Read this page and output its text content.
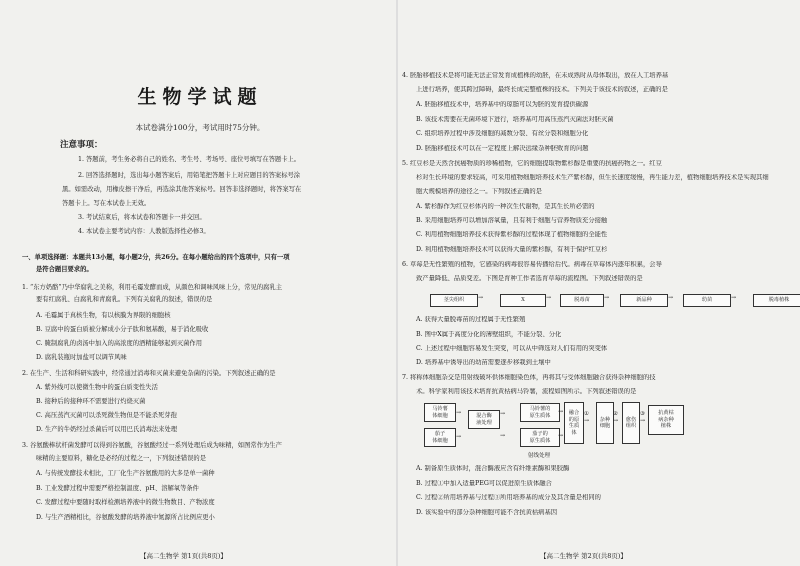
生物学试题
本试卷满分100分，考试用时75分钟。
注意事项：
1. 答题前，考生务必将自己的姓名、考生号、考场号、座位号填写在答题卡上。
2. 回答选择题时，选出每小题答案后，用铅笔把答题卡上对应题目的答案标号涂
黑。如需改动，用橡皮擦干净后，再选涂其他答案标号。回答非选择题时，将答案写在
答题卡上。写在本试卷上无效。
3. 考试结束后，将本试卷和答题卡一并交回。
4. 本试卷主要考试内容：人教版选择性必修3。
一、单项选择题：本题共13小题，每小题2分，共26分。在每小题给出的四个选项中，只有一项
是符合题目要求的。
1. “东方奶酪”乃中华腐乳之美称，利用毛霉发酵而成，从颜色和调味风味上分，常见的腐乳主
要有红腐乳、白腐乳和青腐乳。下列有关腐乳的叙述，错误的是
A. 毛霉属于真核生物，有以核膜为界限的细胞核
B. 豆腐中的蛋白质被分解成小分子肽和氨基酸，易于消化吸收
C. 腌制腐乳的卤汤中加入的高浓度的酒精能够起到灭菌作用
D. 腐乳装瓶时加盐可以调节风味
2. 在生产、生活和科研实践中，经常通过消毒和灭菌来避免杂菌的污染。下列叙述正确的是
A. 紫外线可以使微生物中的蛋白质变性失活
B. 接种后的接种环不需要进行灼烧灭菌
C. 高压蒸汽灭菌可以杀死微生物但是不能杀死芽孢
D. 生产的牛奶经过杀菌后可以用巴氏消毒法来处理
3. 谷氨酸棒状杆菌发酵可以得到谷氨酸，谷氨酸经过一系列处理后成为味精，如图常作为生产
味精的主要原料，糖化是必经的过程之一，下列叙述错误的是
A. 与传统发酵技术相比，工厂化生产谷氨酸用的大多是单一菌种
B. 工业发酵过程中需要严格控制温度、pH、溶解氧等条件
C. 发酵过程中要随时取样检测培养液中的微生物数目、产物浓度
D. 与生产酒精相比，谷氨酸发酵的培养液中氮源所占比例应更小
【高二生物学 第1页(共8页)】
4. 胚胎移植技术是将可能无法正常发育成植株的幼胚，在未成熟时从母体取出，放在人工培养基
上进行培养，使其跨过障碍，最终长成完整植株的技术。下列关于该技术的叙述，正确的是
A. 胚胎移植技术中，培养基中的琼脂可以为胚的发育提供碳源
B. 该技术需要在无菌环境下进行，培养基可用高压蒸汽灭菌法对胚灭菌
C. 组织培养过程中涉及细胞的减数分裂、有丝分裂和细胞分化
D. 胚胎移植技术可以在一定程度上解决远缘杂种胚败育的问题
5. 红豆杉是天然含抗癌物质的珍稀植物，它的细胞提取物紫杉醇是重要的抗癌药物之一。红豆
杉对生长环境的要求较高，可采用植物细胞培养技术生产紫杉醇，但生长速度缓慢，再生能力差，植物细胞培养技术是实现其细
胞大规模培养的途径之一。下列叙述正确的是
A. 紫杉醇作为红豆杉体内的一种次生代谢物，是其生长所必需的
B. 采用细胞培养可以增加溶氧量，且有利于细胞与营养物质充分接触
C. 利用植物细胞培养技术获得紫杉醇的过程体现了植物细胞的全能性
D. 利用植物细胞培养技术可以获得大量的紫杉醇，有利于保护红豆杉
6. 草莓是无性繁殖的植物，它感染的病毒很容易传播给后代。病毒在草莓体内逐年积累，会导
致产量降低、品质变差。下图是育种工作者选育草莓的流程图。下列叙述错误的是
A. 获得大量脱毒苗的过程属于无性繁殖
B. 图中X属于高度分化的薄壁组织，不能分裂、分化
C. 上述过程中细胞容易发生突变，可以从中筛选对人们有用的突变体
D. 培养基中诱导出的幼苗需要逐步移栽到土壤中
7. 将称体细胞杂交是用射线破坏供体细胞染色体，再将其与受体细胞融合获得杂种细胞的技
术。科学家利用该技术培育抗黄枯病马铃薯，流程如图所示。下列叙述错误的是
A. 制备原生质体时，混合酶液应含有纤维素酶和果胶酶
B. 过程①中加入适量PEG可以促进原生质体融合
C. 过程②所用培养基与过程③所用培养基的成分及其含量是相同的
D. 该实验中的部分杂种细胞可能不含抗黄枯病基因
茎尖组织	X	脱毒苗	新品种	幼苗	脱毒植株
→	→	→	→	→
马铃薯
体细胞	混合酶
液处理
马铃薯的
原生质体	融合
的原
生质
体
杂种
细胞
愈伤
组织
抗黄枯
病杂种
植株
茄子的
原生质体
茄子
体细胞
射线处理
→
→
→
→
→
→
→	→	→
①	②	③
【高二生物学 第2页(共8页)】
